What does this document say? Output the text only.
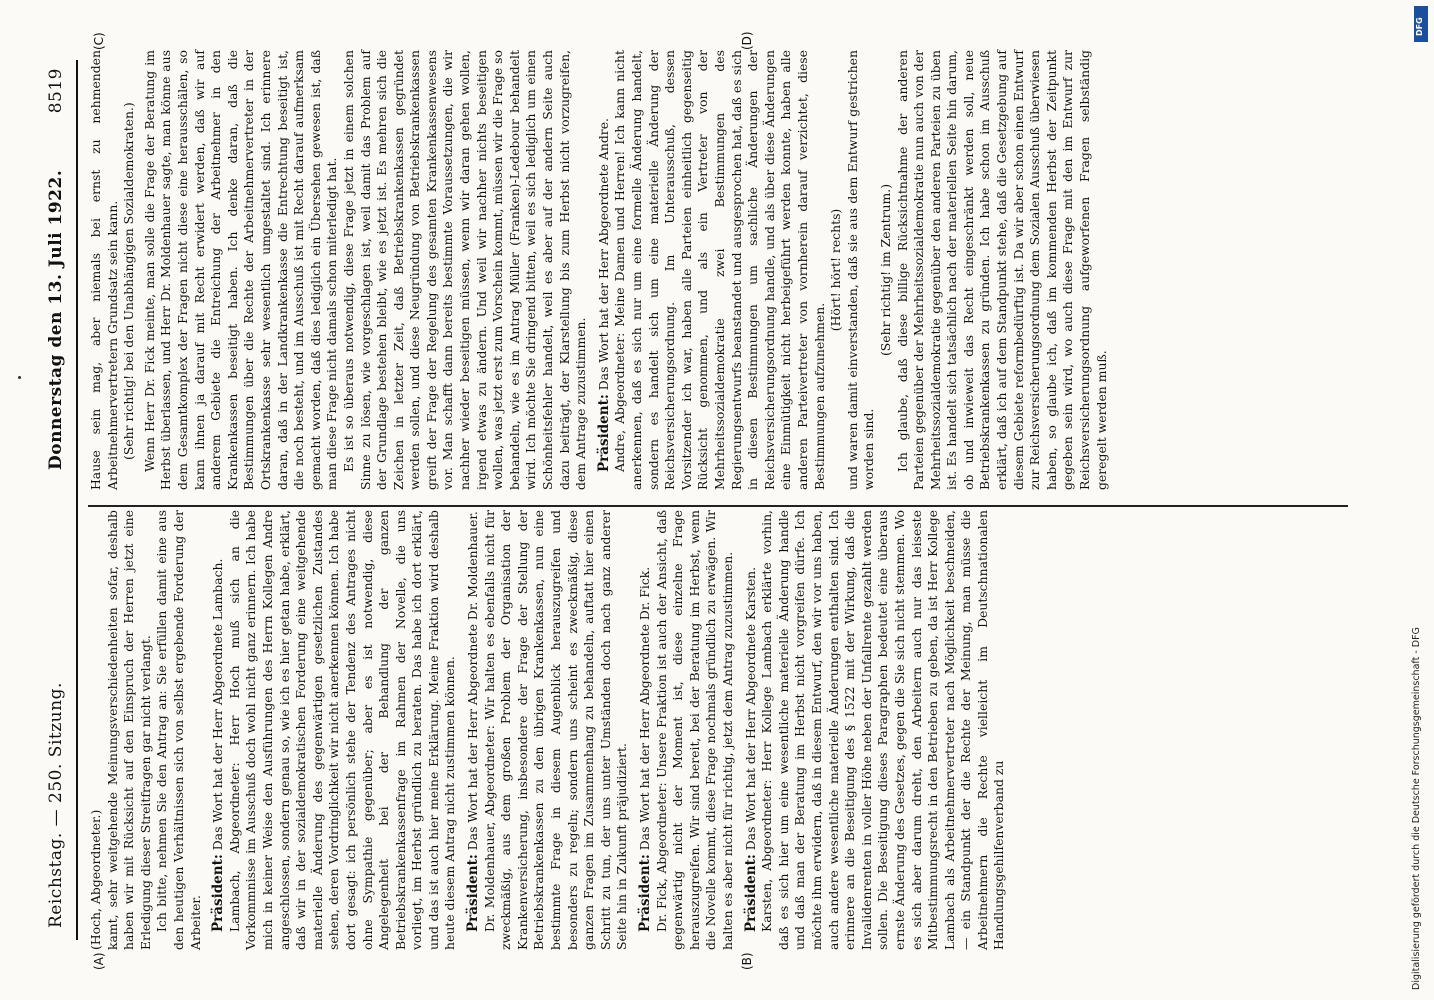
Reichstag. — 250. Sitzung.
Donnerstag den 13. Juli 1922.
8519
(A)	(B)
(C)	(D)

(Hoch, Abgeordneter.) kamt, sehr weitgehende Meinungsverschiedenheiten sofar, deshalb haben wir mit Rücksicht auf den Einspruch der Herren jetzt eine Erledigung dieser Streitfragen gar nicht verlangt. Ich bitte, nehmen Sie den Antrag an: Sie erfüllen damit eine aus den heutigen Verhältnissen sich von selbst ergebende Forderung der Arbeiter. Präsident: Das Wort hat der Herr Abgeordnete Lambach. Lambach, Abgeordneter: Herr Hoch muß sich an die Vorkommnisse im Ausschuß doch wohl nicht ganz erinnern. Ich habe mich in keiner Weise den Ausführungen des Herrn Kollegen Andre angeschlossen, sondern genau so, wie ich es hier getan habe, erklärt, daß wir in der sozialdemokratischen Forderung eine weitgehende materielle Änderung des gegenwärtigen gesetzlichen Zustandes sehen, deren Vordringlichkeit wir nicht anerkennen können. Ich habe dort gesagt: ich persönlich stehe der Tendenz des Antrages nicht ohne Sympathie gegenüber; aber es ist notwendig, diese Angelegenheit bei der Behandlung der ganzen Betriebskrankenkassenfrage im Rahmen der Novelle, die uns vorliegt, im Herbst gründlich zu beraten. Das habe ich dort erklärt, und das ist auch hier meine Erklärung. Meine Fraktion wird deshalb heute diesem Antrag nicht zustimmen können. Präsident: Das Wort hat der Herr Abgeordnete Dr. Moldenhauer. Dr. Moldenhauer, Abgeordneter: Wir halten es ebenfalls nicht für zweckmäßig, aus dem großen Problem der Organisation der Krankenversicherung, insbesondere der Frage der Stellung der Betriebskrankenkassen zu den übrigen Krankenkassen, nun eine bestimmte Frage in diesem Augenblick herauszugreifen und besonders zu regeln; sondern uns scheint es zweckmäßig, diese ganzen Fragen im Zusammenhang zu behandeln, auftatt hier einen Schritt zu tun, der uns unter Umständen doch nach ganz anderer Seite hin in Zukunft präjudiziert. Präsident: Das Wort hat der Herr Abgeordnete Dr. Fick. Dr. Fick, Abgeordneter: Unsere Fraktion ist auch der Ansicht, daß gegenwärtig nicht der Moment ist, diese einzelne Frage herauszugreifen. Wir sind bereit, bei der Beratung im Herbst, wenn die Novelle kommt, diese Frage nochmals gründlich zu erwägen. Wir halten es aber nicht für richtig, jetzt dem Antrag zuzustimmen. Präsident: Das Wort hat der Herr Abgeordnete Karsten. Karsten, Abgeordneter: Herr Kollege Lambach erklärte vorhin, daß es sich hier um eine wesentliche materielle Änderung handle und daß man der Beratung im Herbst nicht vorgreifen dürfe. Ich möchte ihm erwidern, daß in diesem Entwurf, den wir vor uns haben, auch andere wesentliche materielle Änderungen enthalten sind. Ich erinnere an die Beseitigung des § 1522 mit der Wirkung, daß die Invalidenrenten in voller Höhe neben der Unfallrente gezahlt werden sollen. Die Beseitigung dieses Paragraphen bedeutet eine überaus ernste Änderung des Gesetzes, gegen die Sie sich nicht stemmen. Wo es sich aber darum dreht, den Arbeitern auch nur das leiseste Mitbestimmungsrecht in den Betrieben zu geben, da ist Herr Kollege Lambach als Arbeitnehmervertreter nach Möglichkeit beschneiden, — ein Standpunkt der die Rechte der Meinung, man müsse die Arbeitnehmern die Rechte vielleicht im Deutschnationalen Handlungsgehilfenverband zu

Hause sein mag, aber niemals bei ernst zu nehmenden Arbeitnehmervertretern Grundsatz sein kann. (Sehr richtig! bei den Unabhängigen Sozialdemokraten.) Wenn Herr Dr. Fick meinte, man solle die Frage der Beratung im Herbst überlassen, und Herr Dr. Moldenhauer sagte, man könne aus dem Gesamtkomplex der Fragen nicht diese eine herausschälen, so kann ihnen ja darauf mit Recht erwidert werden, daß wir auf anderem Gebiete die Entreichung der Arbeitnehmer in den Krankenkassen beseitigt haben. Ich denke daran, daß die Bestimmungen über die Rechte der Arbeitnehmervertreter in der Ortskrankenkasse sehr wesentlich umgestaltet sind. Ich erinnere daran, daß in der Landkrankenkasse die Entrechtung beseitigt ist, die noch besteht, und im Ausschuß ist mit Recht darauf aufmerksam gemacht worden, daß dies lediglich ein Übersehen gewesen ist, daß man diese Frage nicht damals schon miterledigt hat. Es ist so überaus notwendig, diese Frage jetzt in einem solchen Sinne zu lösen, wie vorgeschlagen ist, weil damit das Problem auf der Grundlage bestehen bleibt, wie es jetzt ist. Es mehren sich die Zeichen in letzter Zeit, daß Betriebskrankenkassen gegründet werden sollen, und diese Neugründung von Betriebskrankenkassen greift der Frage der Regelung des gesamten Krankenkassenwesens vor. Man schafft dann bereits bestimmte Voraussetzungen, die wir nachher wieder beseitigen müssen, wenn wir daran gehen wollen, irgend etwas zu ändern. Und weil wir nachher nichts beseitigen wollen, was jetzt erst zum Vorschein kommt, müssen wir die Frage so behandeln, wie es im Antrag Müller (Franken)-Ledebour behandelt wird. Ich möchte Sie dringend bitten, weil es sich lediglich um einen Schönheitsfehler handelt, weil es aber auf der andern Seite auch dazu beiträgt, der Klarstellung bis zum Herbst nicht vorzugreifen, dem Antrage zuzustimmen. Präsident: Das Wort hat der Herr Abgeordnete Andre. Andre, Abgeordneter: Meine Damen und Herren! Ich kann nicht anerkennen, daß es sich nur um eine formelle Änderung handelt, sondern es handelt sich um eine materielle Änderung der Reichsversicherungsordnung. Im Unterausschuß, dessen Vorsitzender ich war, haben alle Parteien einheitlich gegenseitig Rücksicht genommen, und als ein Vertreter von der Mehrheitssozialdemokratie zwei Bestimmungen des Regierungsentwurfs beanstandet und ausgesprochen hat, daß es sich in diesen Bestimmungen um sachliche Änderungen der Reichsversicherungsordnung handle, und als über diese Änderungen eine Einmütigkeit nicht herbeigeführt werden konnte, haben alle anderen Parteivertreter von vornherein darauf verzichtet, diese Bestimmungen aufzunehmen.

(Hört! hört! rechts) und waren damit einverstanden, daß sie aus dem Entwurf gestrichen worden sind.

(Sehr richtig! im Zentrum.) Ich glaube, daß diese billige Rücksichtnahme der anderen Parteien gegenüber der Mehrheitssozialdemokratie nun auch von der Mehrheitssozialdemokratie gegenüber den anderen Parteien zu üben ist. Es handelt sich tatsächlich nach der materiellen Seite hin darum, ob und inwieweit das Recht eingeschränkt werden soll, neue Betriebskrankenkassen zu gründen. Ich habe schon im Ausschuß erklärt, daß ich auf dem Standpunkt stehe, daß die Gesetzgebung auf diesem Gebiete reformbedürftig ist. Da wir aber schon einen Entwurf zur Reichsversicherungsordnung dem Sozialen Ausschuß überwiesen haben, so glaube ich, daß im kommenden Herbst der Zeitpunkt gegeben sein wird, wo auch diese Frage mit den im Entwurf zur Reichsversicherungsordnung aufgeworfenen Fragen selbständig geregelt werden muß.

Digitalisierung gefördert durch die Deutsche Forschungsgemeinschaft - DFG
DFG
